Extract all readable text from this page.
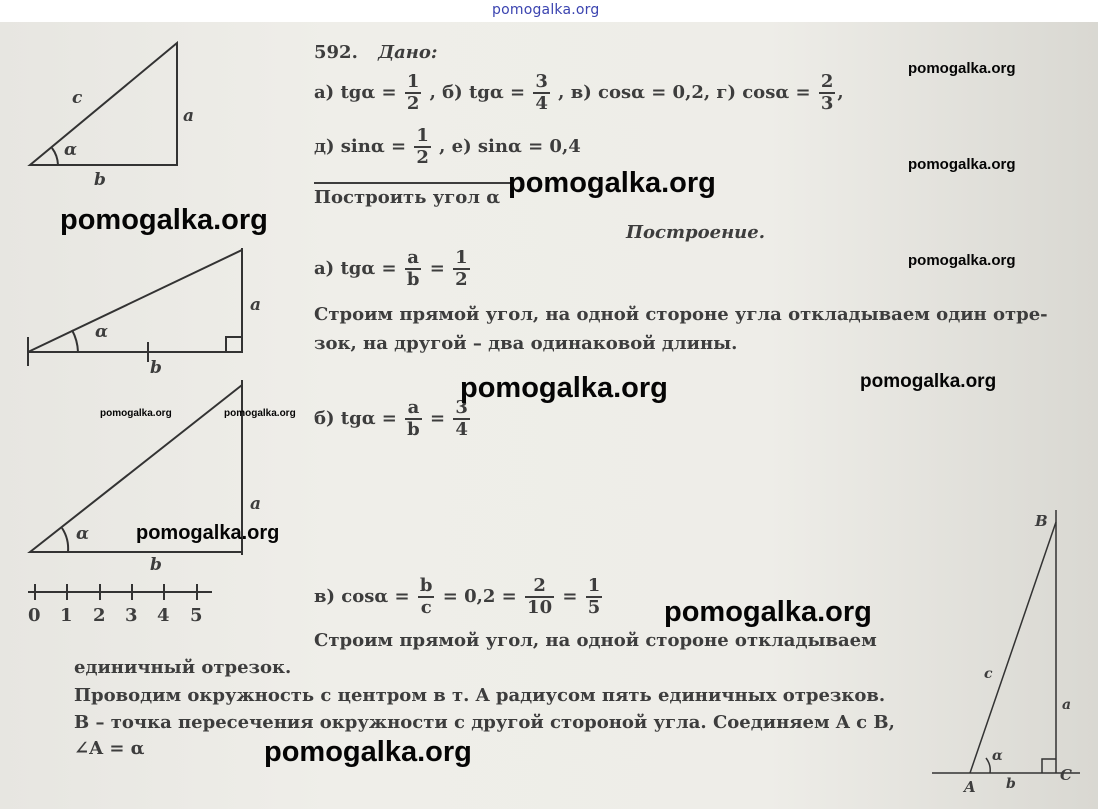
pomogalka.org
c
a
b
α
a
b
α
a
b
α
0 1 2 3 4 5
B
c
a
α
A b	C
592. Дано:
а) $tg\alpha = \frac{1}{2}$ , б) $tg\alpha = \frac{3}{4}$ , в) cosα = 0,2, г) $\cos\alpha = \frac{2}{3}$ ,
д) $\sin\alpha = \frac{1}{2}$ , е) sinα = 0,4
Построить угол α
Построение.
а) $tg\alpha = \frac{a}{b} = \frac{1}{2}$
Строим прямой угол, на одной стороне угла откладываем один отре-
зок, на другой – два одинаковой длины.
б) $tg\alpha = \frac{a}{b} = \frac{3}{4}$
в) $\cos\alpha = \frac{b}{c} = 0,2 = \frac{2}{10} = \frac{1}{5}$
Строим прямой угол, на одной стороне откладываем
единичный отрезок.
Проводим окружность с центром в т. A радиусом пять единичных отрезков.
B – точка пересечения окружности с другой стороной угла. Соединяем A с B,
∠A = α
pomogalka.org
pomogalka.org
pomogalka.org
pomogalka.org
pomogalka.org
pomogalka.org	pomogalka.org
pomogalka.org	pomogalka.org
pomogalka.org
pomogalka.org
pomogalka.org
